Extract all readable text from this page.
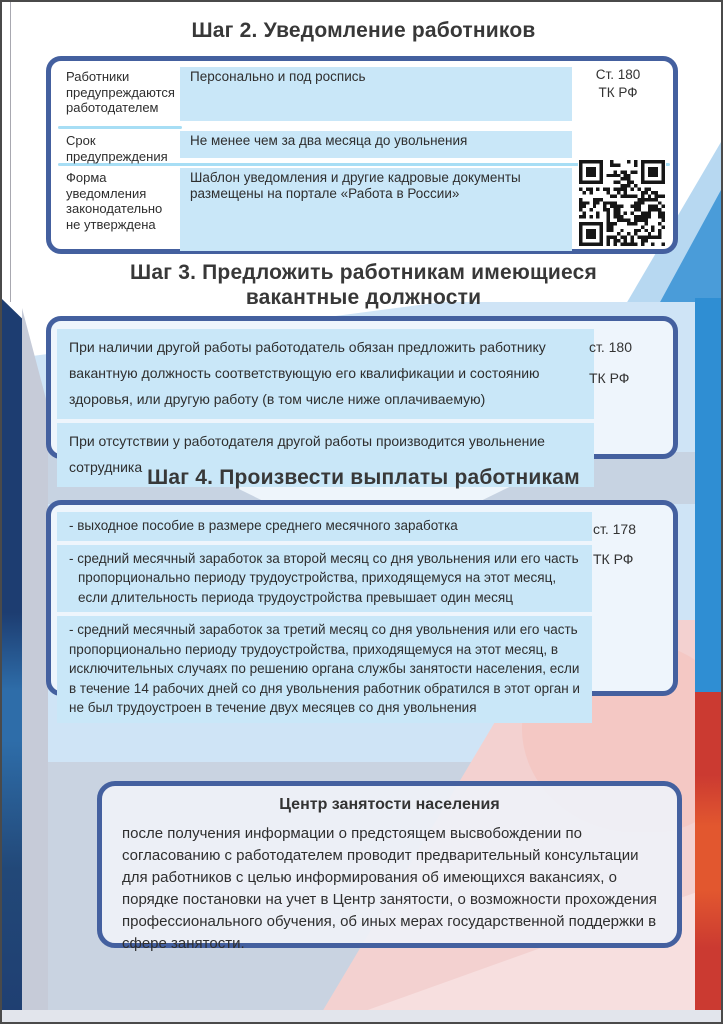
Шаг 2. Уведомление работников
Работники предупреждаются работодателем
Персонально и под роспись
Срок предупреждения
Не менее чем за два месяца до увольнения
Форма уведомления законодательно не утверждена
Шаблон уведомления и другие кадровые документы размещены на портале «Работа в России»
Ст. 180
ТК РФ
Шаг 3. Предложить работникам имеющиеся
вакантные должности
При наличии другой работы работодатель обязан предложить работнику вакантную должность соответствующую его квалификации и состоянию здоровья, или другую работу (в том числе ниже оплачиваемую)
При отсутствии у работодателя другой работы производится увольнение сотрудника
ст. 180
ТК РФ
Шаг 4. Произвести выплаты работникам
- выходное пособие в размере среднего месячного заработка
- средний месячный заработок за второй месяц со дня увольнения или его часть пропорционально периоду трудоустройства, приходящемуся на этот месяц, если длительность периода трудоустройства превышает один месяц
- средний месячный заработок за третий месяц со дня увольнения или его часть пропорционально периоду трудоустройства, приходящемуся на этот месяц, в исключительных случаях по решению органа службы занятости населения, если в течение 14 рабочих дней со дня увольнения работник обратился в этот орган и не был трудоустроен в течение двух месяцев со дня увольнения
ст. 178
ТК РФ
Центр занятости населения
после получения информации о предстоящем высвобождении по согласованию с работодателем проводит предварительный консультации для работников с целью информирования об имеющихся вакансиях, о порядке постановки на учет в Центр занятости, о возможности прохождения профессионального обучения, об иных мерах государственной поддержки в сфере занятости.
